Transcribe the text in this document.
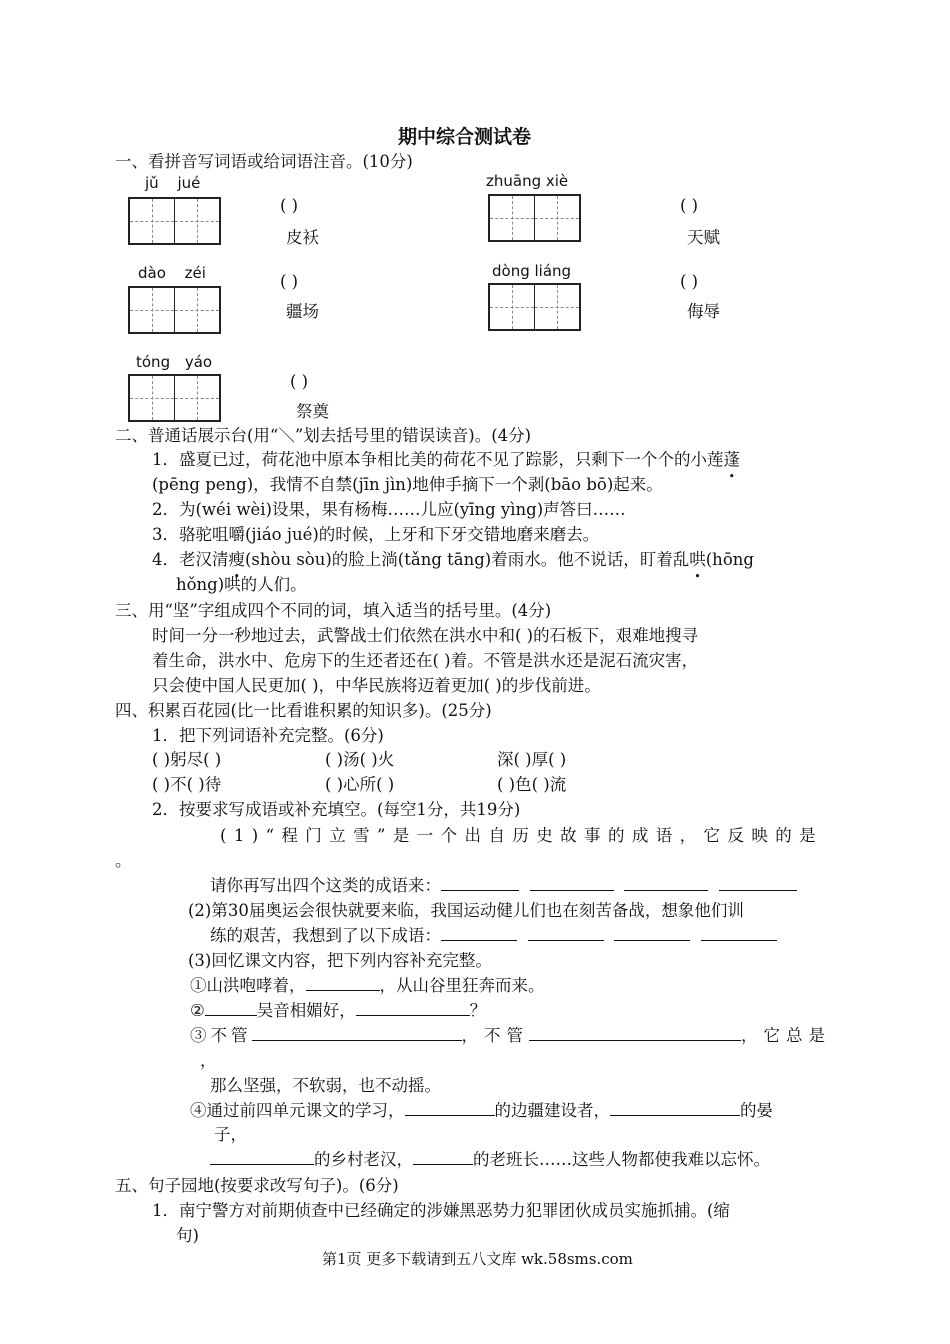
期中综合测试卷
一、看拼音写词语或给词语注音。(10分)
jǔ jué
( )
皮袄
zhuāng xiè
( )
天赋
dào zéi	( )
疆场
dòng liáng
( )
侮辱
tóng yáo
( )
祭奠
二、普通话展示台(用“＼”划去括号里的错误读音)。(4分)
1．盛夏已过，荷花池中原本争相比美的荷花不见了踪影，只剩下一个个的小莲蓬
(pēng peng)，我情不自禁(jīn jìn)地伸手摘下一个剥(bāo bō)起来。
2．为(wéi wèi)设果，果有杨梅……儿应(yīng yìng)声答曰……
3．骆驼咀嚼(jiáo jué)的时候，上牙和下牙交错地磨来磨去。
4．老汉清瘦(shòu sòu)的脸上淌(tǎng tāng)着雨水。他不说话，盯着乱哄(hōng
hǒng)哄的人们。
三、用“坚”字组成四个不同的词，填入适当的括号里。(4分)
时间一分一秒地过去，武警战士们依然在洪水中和( )的石板下，艰难地搜寻
着生命，洪水中、危房下的生还者还在( )着。不管是洪水还是泥石流灾害，
只会使中国人民更加( )，中华民族将迈着更加( )的步伐前进。
四、积累百花园(比一比看谁积累的知识多)。(25分)
1．把下列词语补充完整。(6分)
( )躬尽( )	( )汤( )火	深( )厚( )
( )不( )待	( )心所( )	( )色( )流
2．按要求写成语或补充填空。(每空1分，共19分)
(1)“程门立雪”是一个出自历史故事的成语，它反映的是
。
请你再写出四个这类的成语来：
(2)第30届奥运会很快就要来临，我国运动健儿们也在刻苦备战，想象他们训
练的艰苦，我想到了以下成语：
(3)回忆课文内容，把下列内容补充完整。
①山洪咆哮着，	，从山谷里狂奔而来。
②	吴音相媚好，	？
③不管	，不管	，它总是
，
那么坚强，不软弱，也不动摇。
④通过前四单元课文的学习，	的边疆建设者，	的晏
子，
的乡村老汉，	的老班长……这些人物都使我难以忘怀。
五、句子园地(按要求改写句子)。(6分)
1．南宁警方对前期侦查中已经确定的涉嫌黑恶势力犯罪团伙成员实施抓捕。(缩
句)
第1页 更多下载请到五八文库 wk.58sms.com
